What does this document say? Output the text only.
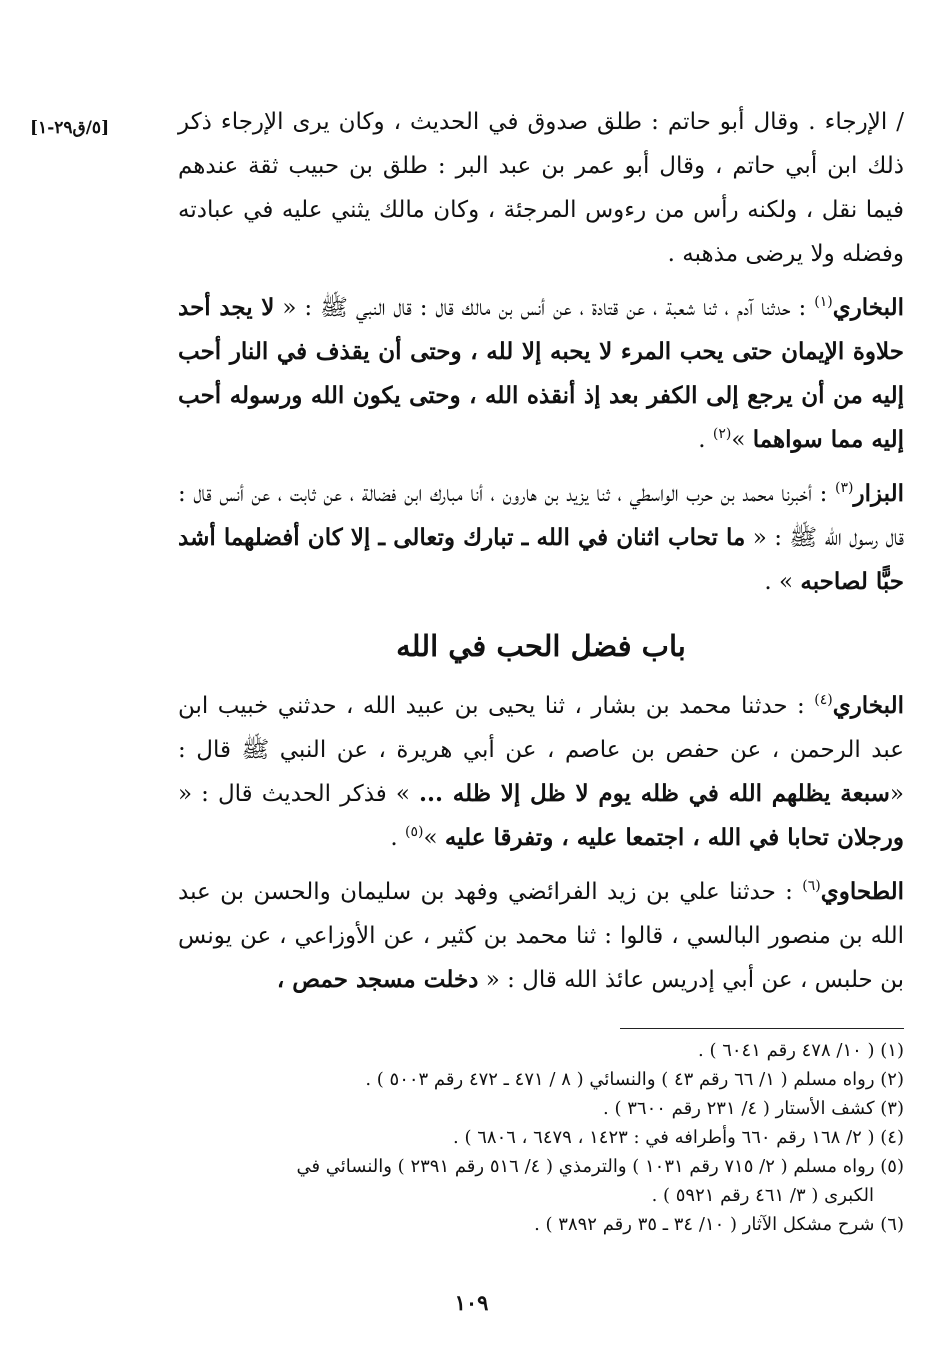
[٥/ق٢٩-١]	/ الإرجاء . وقال أبو حاتم : طلق صدوق في الحديث ، وكان يرى الإرجاء ذكر ذلك ابن أبي حاتم ، وقال أبو عمر بن عبد البر : طلق بن حبيب ثقة عندهم فيما نقل ، ولكنه رأس من رءوس المرجئة ، وكان مالك يثني عليه في عبادته وفضله ولا يرضى مذهبه .

البخاري$^{(١)}$ : حدثنا آدم ، ثنا شعبة ، عن قتادة ، عن أنس بن مالك قال : قال النبي ﷺ : « لا يجد أحد حلاوة الإيمان حتى يحب المرء لا يحبه إلا لله ، وحتى أن يقذف في النار أحب إليه من أن يرجع إلى الكفر بعد إذ أنقذه الله ، وحتى يكون الله ورسوله أحب إليه مما سواهما »$^{(٢)}$ .

البزار$^{(٣)}$ : أخبرنا محمد بن حرب الواسطي ، ثنا يزيد بن هارون ، أنا مبارك ابن فضالة ، عن ثابت ، عن أنس قال : قال رسول الله ﷺ : « ما تحاب اثنان في الله ـ تبارك وتعالى ـ إلا كان أفضلهما أشد حبًّا لصاحبه » .

باب فضل الحب في الله

البخاري$^{(٤)}$ : حدثنا محمد بن بشار ، ثنا يحيى بن عبيد الله ، حدثني خبيب ابن عبد الرحمن ، عن حفص بن عاصم ، عن أبي هريرة ، عن النبي ﷺ قال : «سبعة يظلهم الله في ظله يوم لا ظل إلا ظله ... » فذكر الحديث قال : « ورجلان تحابا في الله ، اجتمعا عليه ، وتفرقا عليه »$^{(٥)}$ .

الطحاوي$^{(٦)}$ : حدثنا علي بن زيد الفرائضي وفهد بن سليمان والحسن بن عبد الله بن منصور البالسي ، قالوا : ثنا محمد بن كثير ، عن الأوزاعي ، عن يونس بن حلبس ، عن أبي إدريس عائذ الله قال : « دخلت مسجد حمص ،

(١) ( ١٠/ ٤٧٨ رقم ٦٠٤١ ) .

(٢) رواه مسلم ( ١/ ٦٦ رقم ٤٣ ) والنسائي ( ٨ / ٤٧١ ـ ٤٧٢ رقم ٥٠٠٣ ) .

(٣) كشف الأستار ( ٤/ ٢٣١ رقم ٣٦٠٠ ) .

(٤) ( ٢/ ١٦٨ رقم ٦٦٠ وأطرافه في : ١٤٢٣ ، ٦٤٧٩ ، ٦٨٠٦ ) .

(٥) رواه مسلم ( ٢/ ٧١٥ رقم ١٠٣١ ) والترمذي ( ٤/ ٥١٦ رقم ٢٣٩١ ) والنسائي في
الكبرى ( ٣/ ٤٦١ رقم ٥٩٢١ ) .

(٦) شرح مشكل الآثار ( ١٠/ ٣٤ ـ ٣٥ رقم ٣٨٩٢ ) .

١٠٩
